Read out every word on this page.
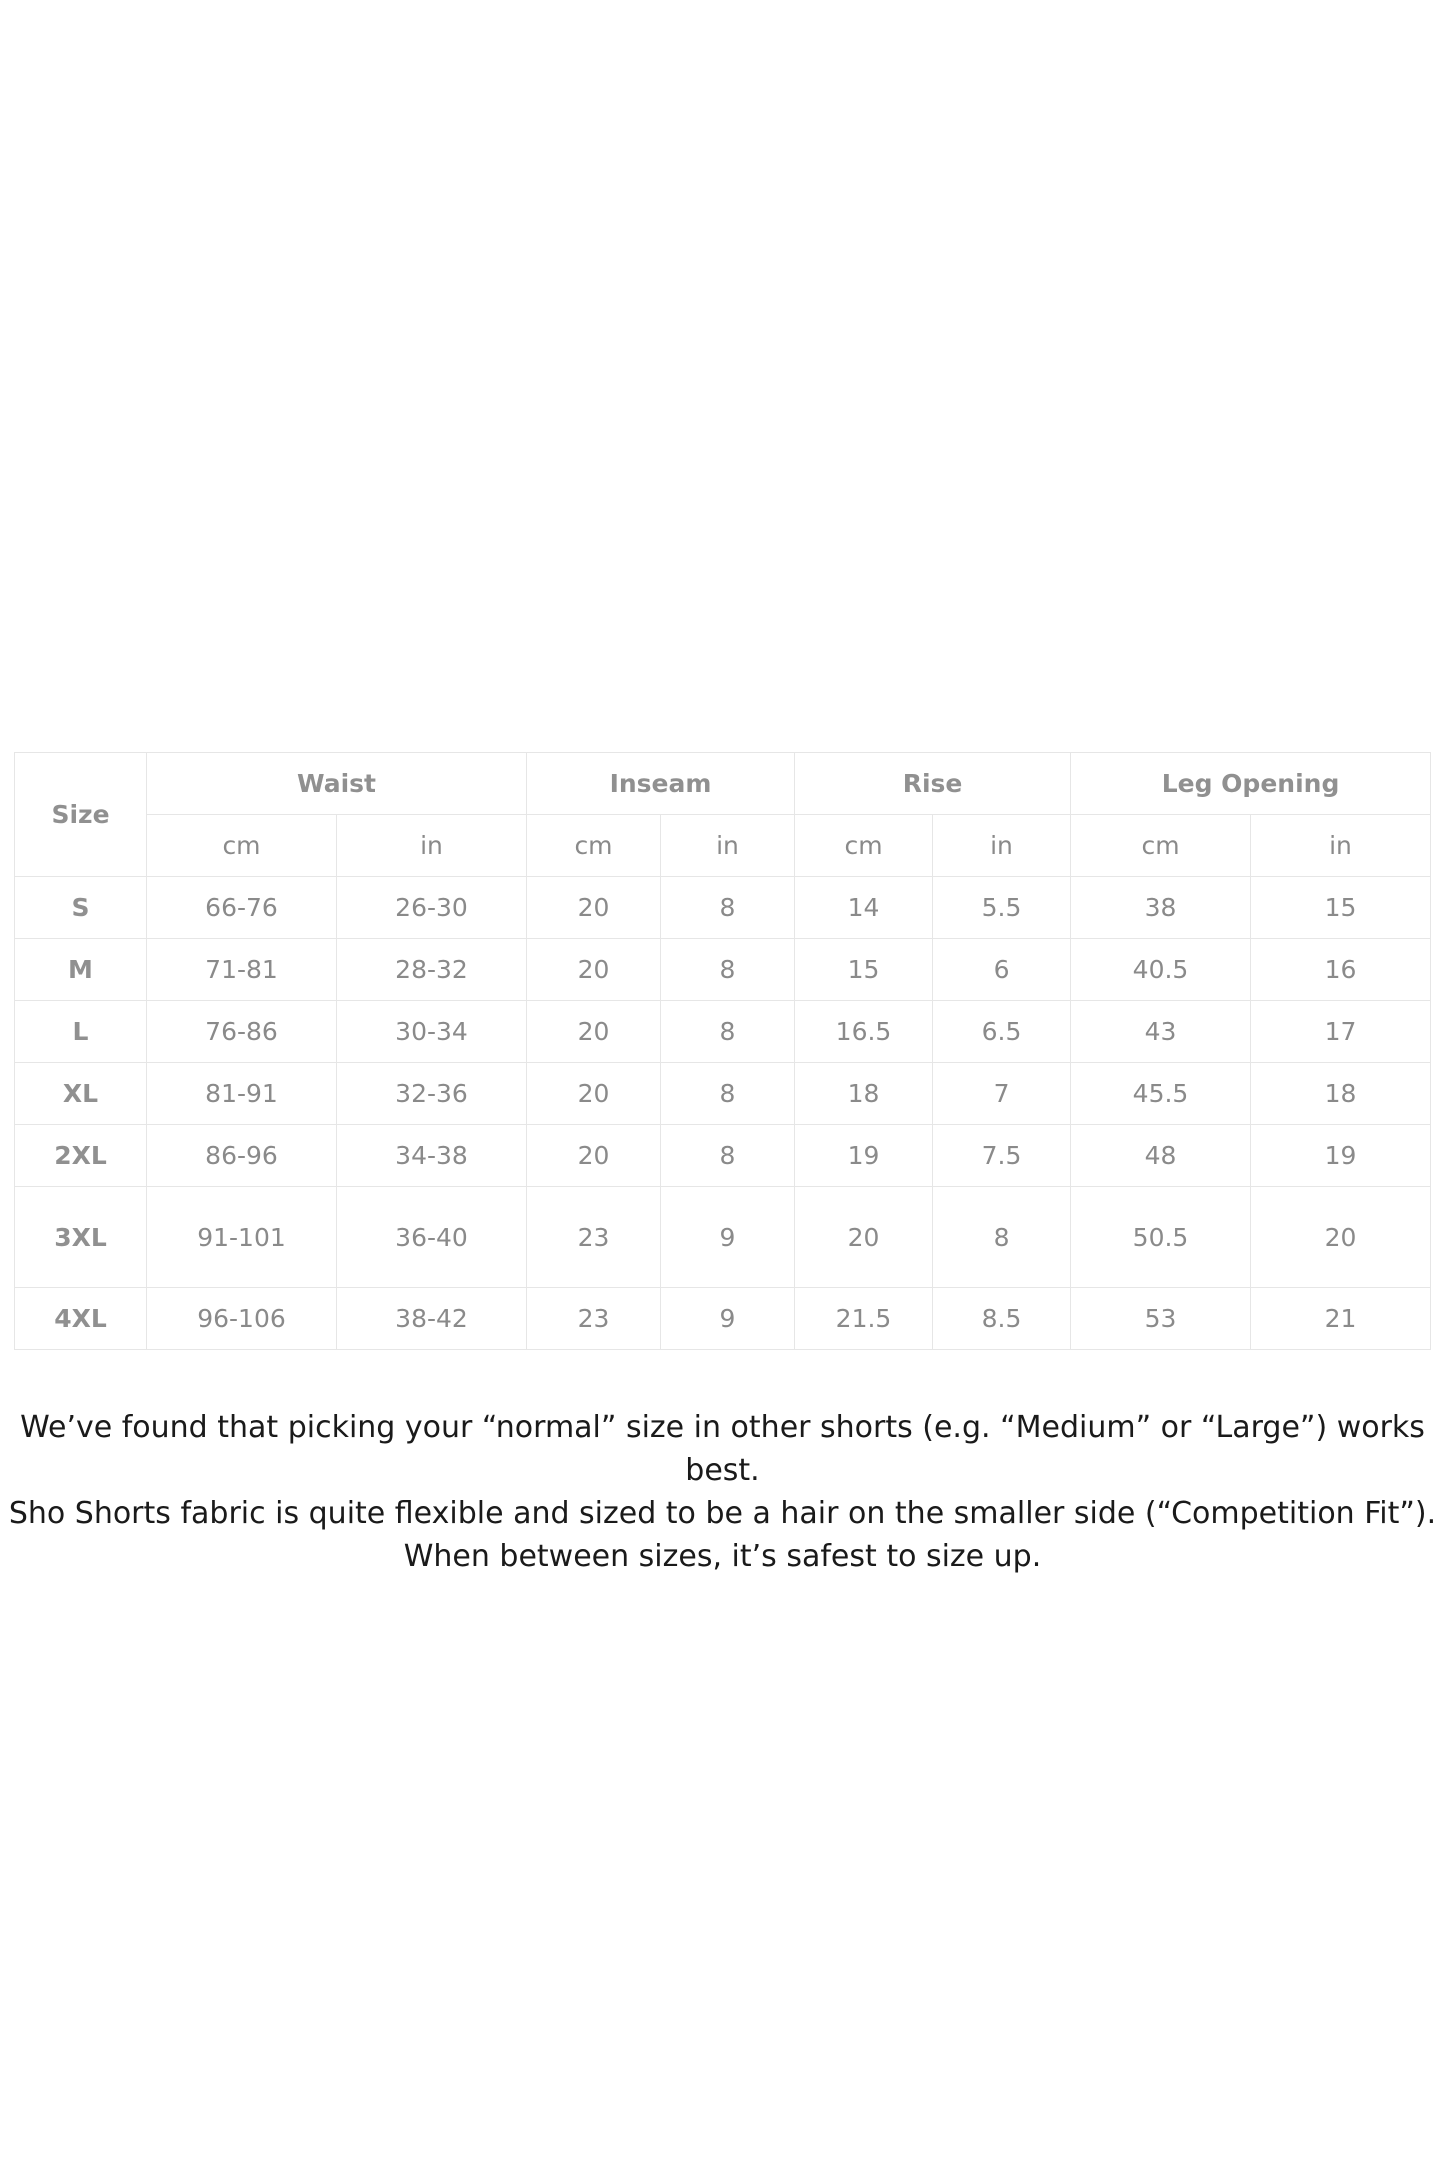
Size	Waist		Inseam		Rise		Leg Opening	
	cm	in	cm	in	cm	in	cm	in
S	66-76	26-30	20	8	14	5.5	38	15
M	71-81	28-32	20	8	15	6	40.5	16
L	76-86	30-34	20	8	16.5	6.5	43	17
XL	81-91	32-36	20	8	18	7	45.5	18
2XL	86-96	34-38	20	8	19	7.5	48	19
3XL	91-101	36-40	23	9	20	8	50.5	20
4XL	96-106	38-42	23	9	21.5	8.5	53	21

We’ve found that picking your “normal” size in other shorts (e.g. “Medium” or “Large”) works best.

Sho Shorts fabric is quite flexible and sized to be a hair on the smaller side (“Competition Fit”).

When between sizes, it’s safest to size up.
